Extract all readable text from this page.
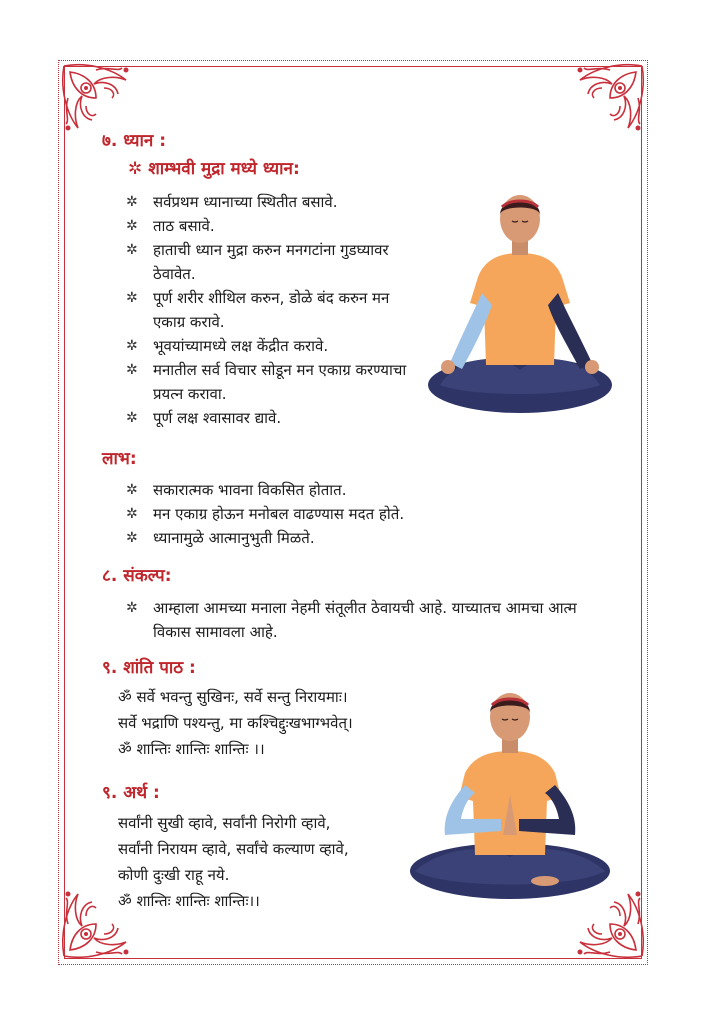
७. ध्यान :
✲ शाम्भवी मुद्रा मध्ये ध्यान:
✲ सर्वप्रथम ध्यानाच्या स्थितीत बसावे.
✲ ताठ बसावे.
✲ हाताची ध्यान मुद्रा करुन मनगटांना गुडघ्यावर ठेवावेत.
✲ पूर्ण शरीर शीथिल करुन, डोळे बंद करुन मन एकाग्र करावे.
✲ भूवयांच्यामध्ये लक्ष केंद्रीत करावे.
✲ मनातील सर्व विचार सोडून मन एकाग्र करण्याचा प्रयत्न करावा.
✲ पूर्ण लक्ष श्वासावर द्यावे.
लाभ:
✲ सकारात्मक भावना विकसित होतात.
✲ मन एकाग्र होऊन मनोबल वाढण्यास मदत होते.
✲ ध्यानामुळे आत्मानुभुती मिळते.
८. संकल्प:
✲ आम्हाला आमच्या मनाला नेहमी संतूलीत ठेवायची आहे. याच्यातच आमचा आत्म विकास सामावला आहे.
९. शांति पाठ :
ॐ सर्वे भवन्तु सुखिनः, सर्वे सन्तु निरायमाः।
सर्वे भद्राणि पश्यन्तु, मा कश्चिद्दुःखभाग्भवेत्।
ॐ शान्तिः शान्तिः शान्तिः ।।
९. अर्थ :
सर्वांनी सुखी व्हावे, सर्वांनी निरोगी व्हावे,
सर्वांनी निरायम व्हावे, सर्वांचे कल्याण व्हावे,
कोणी दुःखी राहू नये.
ॐ शान्तिः शान्तिः शान्तिः।।
